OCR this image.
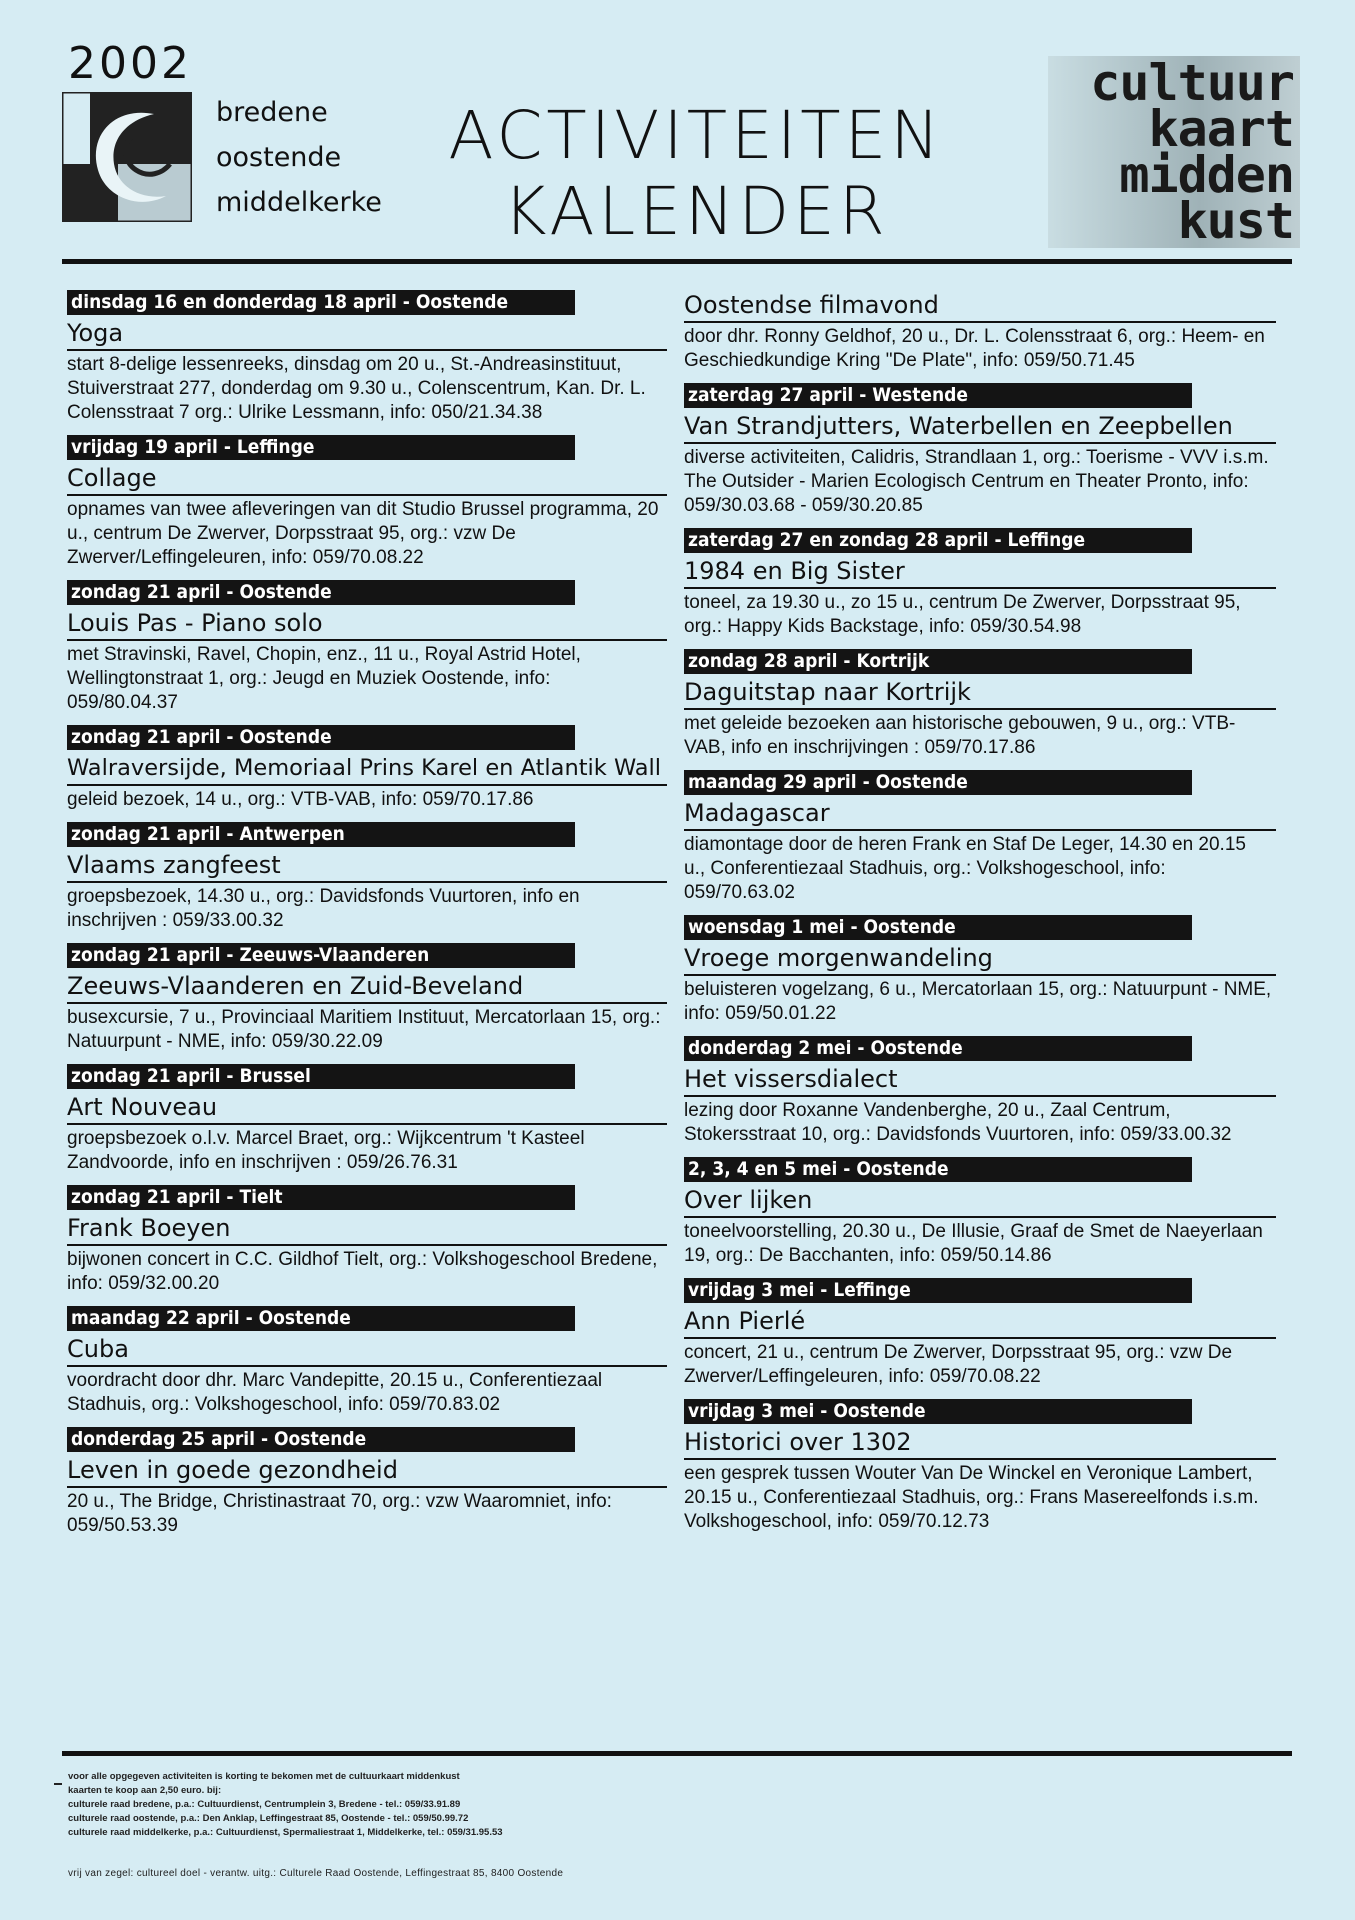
2002
bredene
oostende
middelkerke
ACTIVITEITEN
KALENDER
cultuur
kaart
midden
kust
dinsdag 16 en donderdag 18 april - Oostende
Yoga
start 8-delige lessenreeks, dinsdag om 20 u., St.-Andreasinstituut, Stuiverstraat 277, donderdag om 9.30 u., Colenscentrum, Kan. Dr. L. Colensstraat 7 org.: Ulrike Lessmann, info: 050/21.34.38
vrijdag 19 april - Leffinge
Collage
opnames van twee afleveringen van dit Studio Brussel programma, 20 u., centrum De Zwerver, Dorpsstraat 95, org.: vzw De Zwerver/Leffingeleuren, info: 059/70.08.22
zondag 21 april - Oostende
Louis Pas - Piano solo
met Stravinski, Ravel, Chopin, enz., 11 u., Royal Astrid Hotel, Wellingtonstraat 1, org.: Jeugd en Muziek Oostende, info: 059/80.04.37
zondag 21 april - Oostende
Walraversijde, Memoriaal Prins Karel en Atlantik Wall
geleid bezoek, 14 u., org.: VTB-VAB, info: 059/70.17.86
zondag 21 april - Antwerpen
Vlaams zangfeest
groepsbezoek, 14.30 u., org.: Davidsfonds Vuurtoren, info en inschrijven : 059/33.00.32
zondag 21 april - Zeeuws-Vlaanderen
Zeeuws-Vlaanderen en Zuid-Beveland
busexcursie, 7 u., Provinciaal Maritiem Instituut, Mercatorlaan 15, org.: Natuurpunt - NME, info: 059/30.22.09
zondag 21 april - Brussel
Art Nouveau
groepsbezoek o.l.v. Marcel Braet, org.: Wijkcentrum 't Kasteel Zandvoorde, info en inschrijven : 059/26.76.31
zondag 21 april - Tielt
Frank Boeyen
bijwonen concert in C.C. Gildhof Tielt, org.: Volkshogeschool Bredene, info: 059/32.00.20
maandag 22 april - Oostende
Cuba
voordracht door dhr. Marc Vandepitte, 20.15 u., Conferentiezaal Stadhuis, org.: Volkshogeschool, info: 059/70.83.02
donderdag 25 april - Oostende
Leven in goede gezondheid
20 u., The Bridge, Christinastraat 70, org.: vzw Waaromniet, info: 059/50.53.39
Oostendse filmavond
door dhr. Ronny Geldhof, 20 u., Dr. L. Colensstraat 6, org.: Heem- en Geschiedkundige Kring "De Plate", info: 059/50.71.45
zaterdag 27 april - Westende
Van Strandjutters, Waterbellen en Zeepbellen
diverse activiteiten, Calidris, Strandlaan 1, org.: Toerisme - VVV i.s.m. The Outsider - Marien Ecologisch Centrum en Theater Pronto, info: 059/30.03.68 - 059/30.20.85
zaterdag 27 en zondag 28 april - Leffinge
1984 en Big Sister
toneel, za 19.30 u., zo 15 u., centrum De Zwerver, Dorpsstraat 95, org.: Happy Kids Backstage, info: 059/30.54.98
zondag 28 april - Kortrijk
Daguitstap naar Kortrijk
met geleide bezoeken aan historische gebouwen, 9 u., org.: VTB-VAB, info en inschrijvingen : 059/70.17.86
maandag 29 april - Oostende
Madagascar
diamontage door de heren Frank en Staf De Leger, 14.30 en 20.15 u., Conferentiezaal Stadhuis, org.: Volkshogeschool, info: 059/70.63.02
woensdag 1 mei - Oostende
Vroege morgenwandeling
beluisteren vogelzang, 6 u., Mercatorlaan 15, org.: Natuurpunt - NME, info: 059/50.01.22
donderdag 2 mei - Oostende
Het vissersdialect
lezing door Roxanne Vandenberghe, 20 u., Zaal Centrum, Stokersstraat 10, org.: Davidsfonds Vuurtoren, info: 059/33.00.32
2, 3, 4 en 5 mei - Oostende
Over lijken
toneelvoorstelling, 20.30 u., De Illusie, Graaf de Smet de Naeyerlaan 19, org.: De Bacchanten, info: 059/50.14.86
vrijdag 3 mei - Leffinge
Ann Pierlé
concert, 21 u., centrum De Zwerver, Dorpsstraat 95, org.: vzw De Zwerver/Leffingeleuren, info: 059/70.08.22
vrijdag 3 mei - Oostende
Historici over 1302
een gesprek tussen Wouter Van De Winckel en Veronique Lambert, 20.15 u., Conferentiezaal Stadhuis, org.: Frans Masereelfonds i.s.m. Volkshogeschool, info: 059/70.12.73
voor alle opgegeven activiteiten is korting te bekomen met de cultuurkaart middenkust
kaarten te koop aan 2,50 euro. bij:
culturele raad bredene, p.a.: Cultuurdienst, Centrumplein 3, Bredene - tel.: 059/33.91.89
culturele raad oostende, p.a.: Den Anklap, Leffingestraat 85, Oostende - tel.: 059/50.99.72
culturele raad middelkerke, p.a.: Cultuurdienst, Spermaliestraat 1, Middelkerke, tel.: 059/31.95.53
vrij van zegel: cultureel doel - verantw. uitg.: Culturele Raad Oostende, Leffingestraat 85, 8400 Oostende
